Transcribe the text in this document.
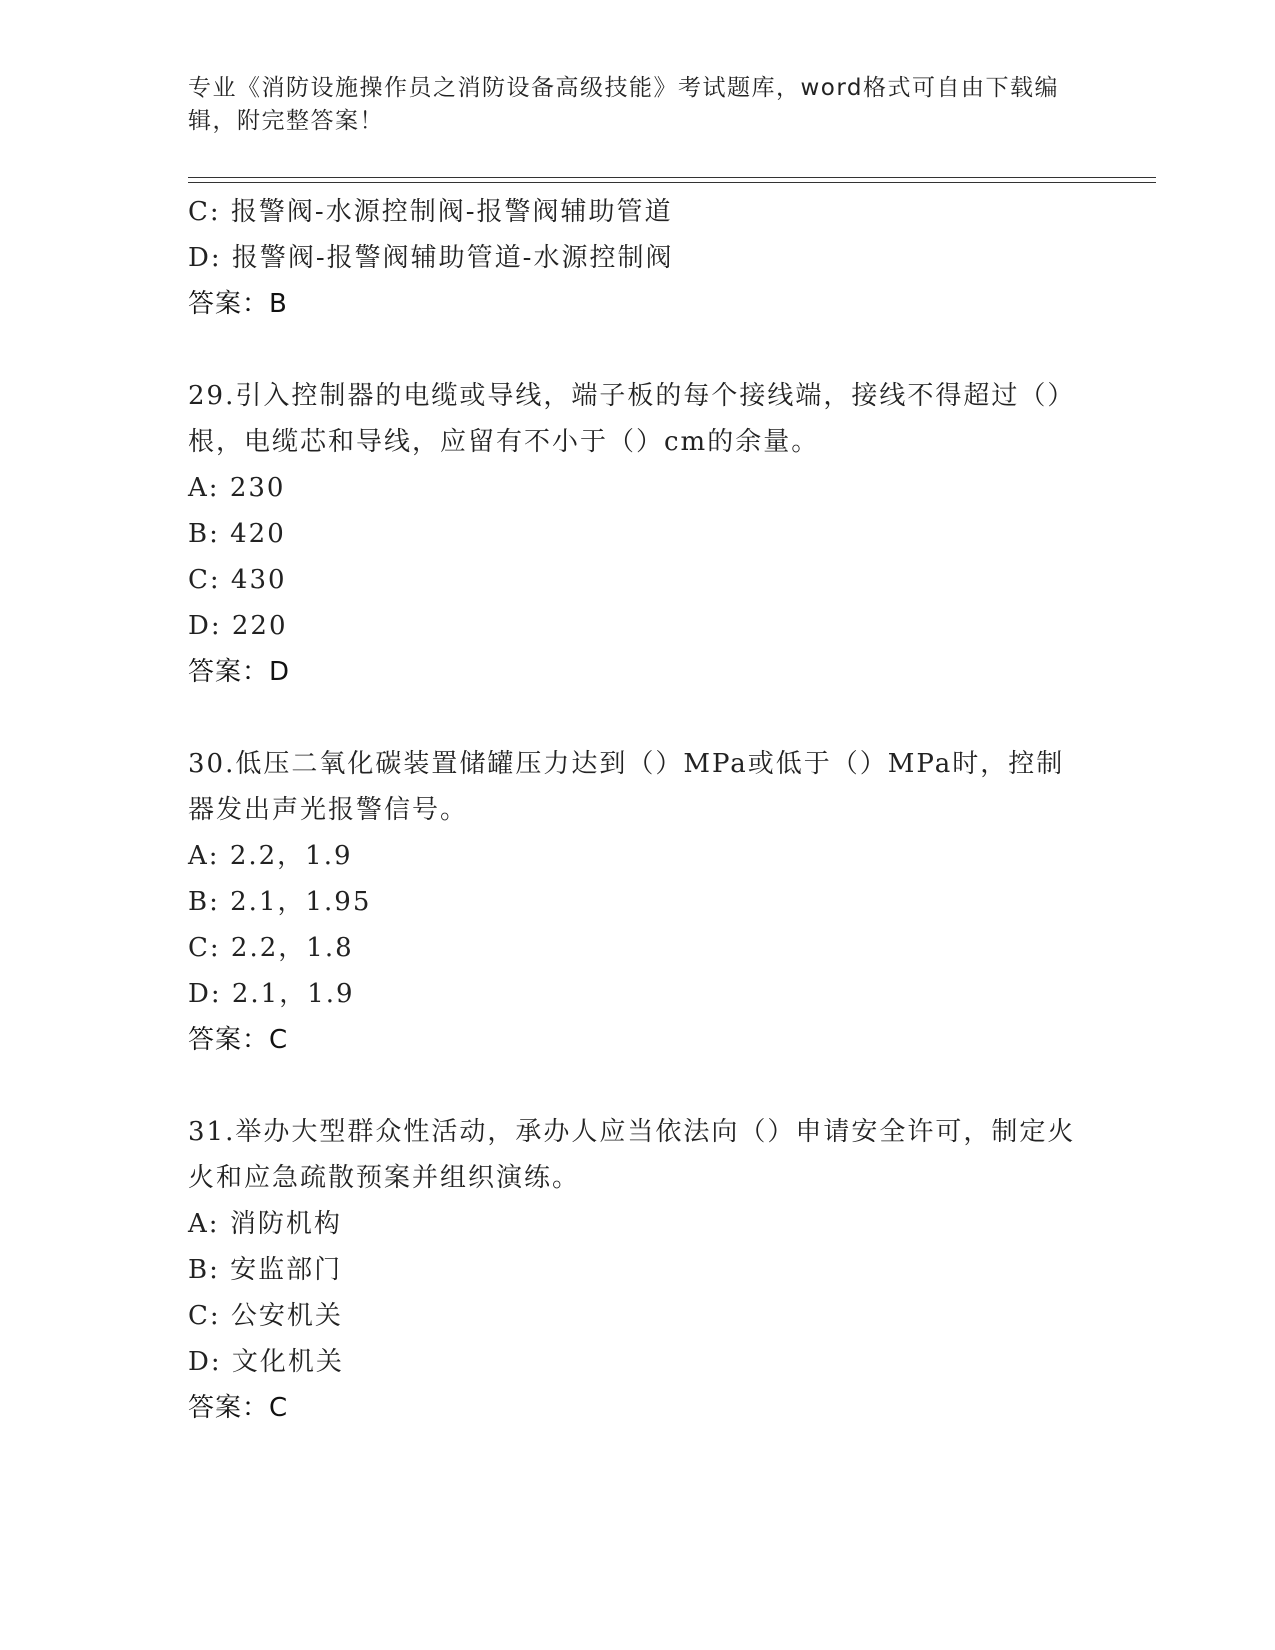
专业《消防设施操作员之消防设备高级技能》考试题库，word格式可自由下载编辑，附完整答案！
C: 报警阀-水源控制阀-报警阀辅助管道
D: 报警阀-报警阀辅助管道-水源控制阀
答案：B
29.引入控制器的电缆或导线，端子板的每个接线端，接线不得超过（）根，电缆芯和导线，应留有不小于（）cm的余量。
A: 230
B: 420
C: 430
D: 220
答案：D
30.低压二氧化碳装置储罐压力达到（）MPa或低于（）MPa时，控制器发出声光报警信号。
A: 2.2，1.9
B: 2.1，1.95
C: 2.2，1.8
D: 2.1，1.9
答案：C
31.举办大型群众性活动，承办人应当依法向（）申请安全许可，制定火火和应急疏散预案并组织演练。
A: 消防机构
B: 安监部门
C: 公安机关
D: 文化机关
答案：C
